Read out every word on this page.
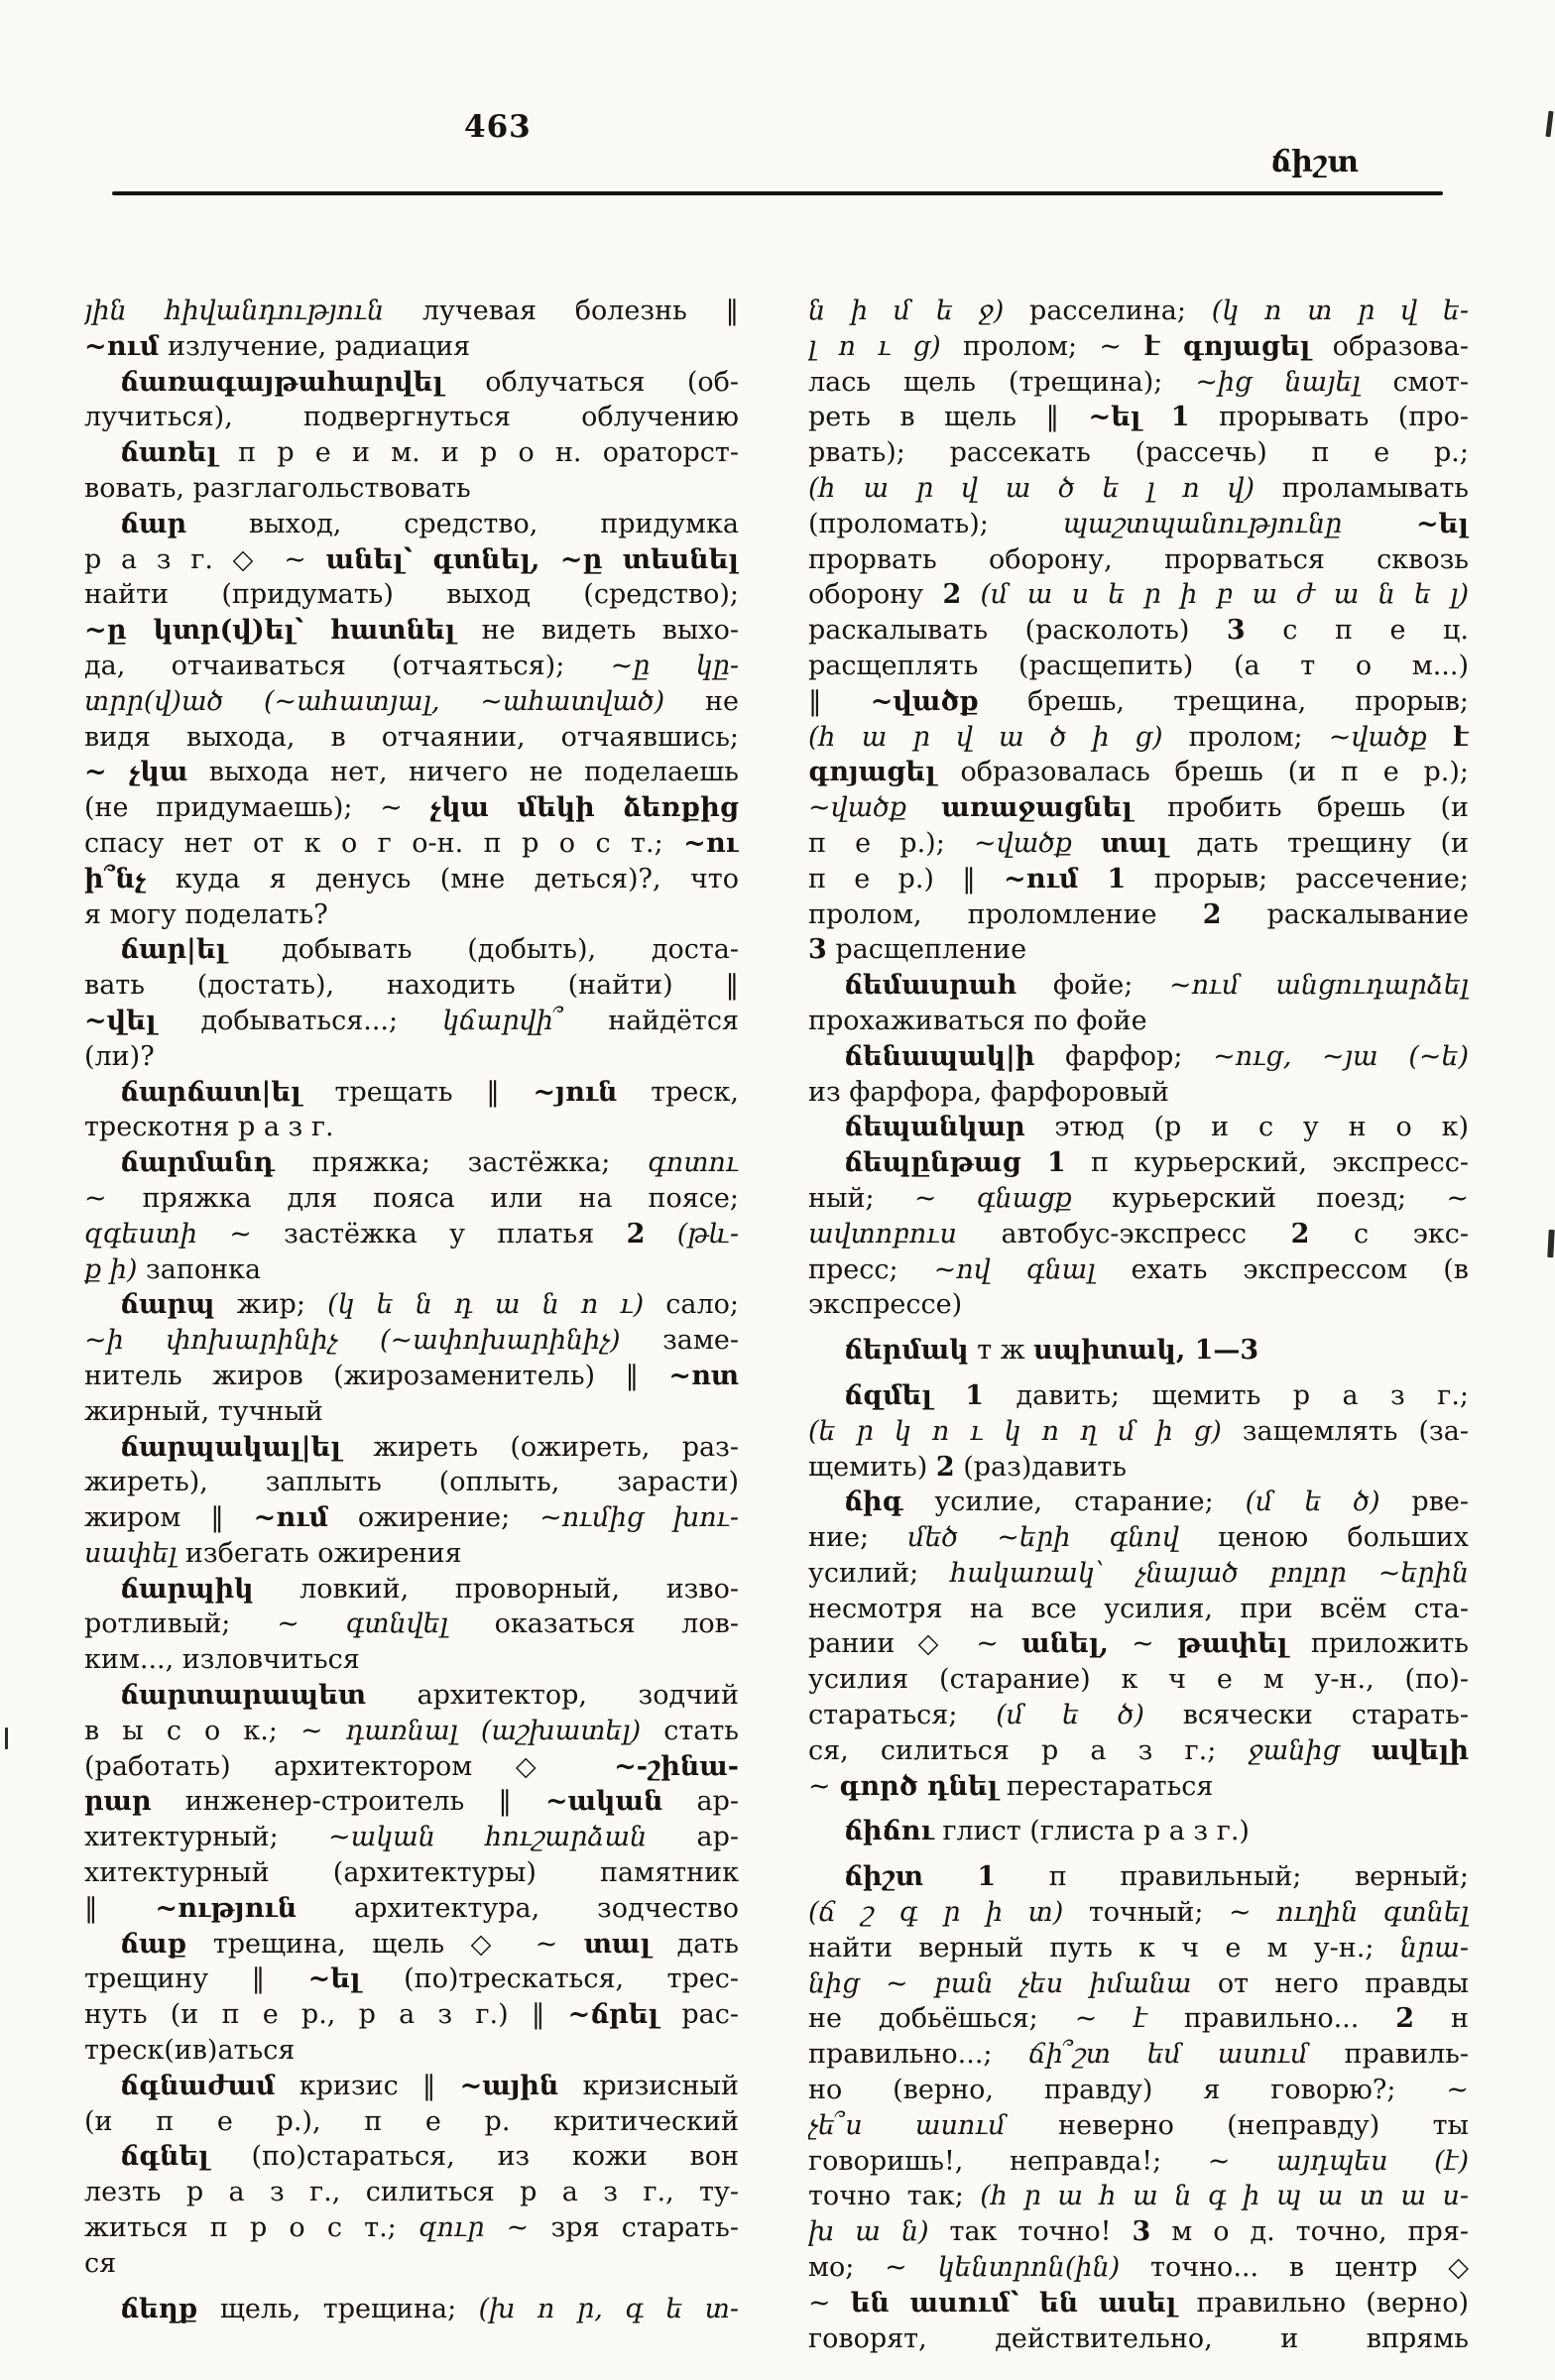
463
ճիշտ
յին հիվանդություն лучевая болезнь ‖
~ում излучение, радиация
ճառագայթահարվել облучаться (об-
лучиться), подвергнуться облучению
ճառել п р е и м. и р о н. ораторст-
вовать, разглагольствовать
ճար выход, средство, придумка
р а з г. ◇ ~ անել՝ գտնել, ~ը տեսնել
найти (придумать) выход (средство);
~ը կտր(վ)ել՝ հատնել не видеть выхо-
да, отчаиваться (отчаяться); ~ը կը-
տրր(վ)ած (~ահատյալ, ~ահատված) не
видя выхода, в отчаянии, отчаявшись;
~ չկա выхода нет, ничего не поделаешь
(не придумаешь); ~ չկա մեկի ձեռքից
спасу нет от к о г о-н. п р о с т.; ~ու
ի՞նչ куда я денусь (мне деться)?, что
я могу поделать?
ճար|ել добывать (добыть), доста-
вать (достать), находить (найти) ‖
~վել добываться...; կճարվի՞ найдётся
(ли)?
ճարճատ|ել трещать ‖ ~յուն треск,
трескотня р а з г.
ճարմանդ пряжка; застёжка; գոտու
~ пряжка для пояса или на поясе;
զգեստի ~ застёжка у платья 2 (թև-
ք ի) запонка
ճարպ жир; (կ ե ն դ ա ն ո ւ) сало;
~ի փոխարինիչ (~ափոխարինիչ) заме-
нитель жиров (жирозаменитель) ‖ ~ոտ
жирный, тучный
ճարպակալ|ել жиреть (ожиреть, раз-
жиреть), заплыть (оплыть, зарасти)
жиром ‖ ~ում ожирение; ~ումից խու-
սափել избегать ожирения
ճարպիկ ловкий, проворный, изво-
ротливый; ~ գտնվել оказаться лов-
ким..., изловчиться
ճարտարապետ архитектор, зодчий
в ы с о к.; ~ դառնալ (աշխատել) стать
(работать) архитектором ◇ ~-շինա-
րար инженер-строитель ‖ ~ական ар-
хитектурный; ~ական հուշարձան ар-
хитектурный (архитектуры) памятник
‖ ~ություն архитектура, зодчество
ճաք трещина, щель ◇ ~ տալ дать
трещину ‖ ~ել (по)трескаться, трес-
нуть (и п е р., р а з г.) ‖ ~ճրել рас-
треск(ив)аться
ճգնաժամ кризис ‖ ~ային кризисный
(и п е р.), п е р. критический
ճգնել (по)стараться, из кожи вон
лезть р а з г., силиться р а з г., ту-
житься п р о с т.; զուր ~ зря старать-
ся
ճեղք щель, трещина; (խ ո ր, գ ե տ-
ն ի մ ե ջ) расселина; (կ ո տ ր վ ե-
լ ո ւ ց) пролом; ~ է գոյացել образова-
лась щель (трещина); ~ից նայել смот-
реть в щель ‖ ~ել 1 прорывать (про-
рвать); рассекать (рассечь) п е р.;
(հ ա ր վ ա ծ ե լ ո վ) проламывать
(проломать); պաշտպանությունը	~ել
прорвать оборону, прорваться сквозь
оборону 2 (մ ա ս ե ր ի բ ա ժ ա ն ե լ)
раскалывать (расколоть) 3 с п е ц.
расщеплять (расщепить) (а т о м...)
‖ ~վածք брешь, трещина, прорыв;
(հ ա ր վ ա ծ ի ց) пролом; ~վածք է
գոյացել образовалась брешь (и п е р.);
~վածք առաջացնել пробить брешь (и
п е р.); ~վածք տալ дать трещину (и
п е р.) ‖ ~ում 1 прорыв; рассечение;
пролом, проломление 2 раскалывание
3 расщепление
ճեմասրահ фойе; ~ում անցուդարձել
прохаживаться по фойе
ճենապակ|ի фарфор; ~ուց, ~յա (~ե)
из фарфора, фарфоровый
ճեպանկար этюд (р и с у н о к)
ճեպընթաց 1 п курьерский, экспресс-
ный; ~ գնացք курьерский поезд; ~
ավտոբուս автобус-экспресс 2 с экс-
пресс; ~ով գնալ ехать экспрессом (в
экспрессе)
ճերմակ т ж սպիտակ, 1—3
ճզմել 1 давить; щемить р а з г.;
(ե ր կ ո ւ կ ո ղ մ ի ց) защемлять (за-
щемить) 2 (раз)давить
ճիգ усилие, старание; (մ ե ծ) рве-
ние; մեծ ~երի գնով ценою больших
усилий; հակառակ՝ չնայած բոլոր ~երին
несмотря на все усилия, при всём ста-
рании ◇ ~ անել, ~ թափել приложить
усилия (старание) к ч е м у-н., (по)-
стараться; (մ ե ծ) всячески старать-
ся, силиться р а з г.; ջանից ավելի
~ գործ դնել перестараться
ճիճու глист (глиста р а з г.)
ճիշտ 1 п правильный; верный;
(ճ շ գ ր ի տ) точный; ~ ուղին գտնել
найти верный путь к ч е м у-н.; նրա-
նից ~ բան չես իմանա от него правды
не добьёшься; ~ է правильно... 2 н
правильно...; ճի՞շտ եմ ասում правиль-
но (верно, правду) я говорю?; ~
չե՞ս ասում неверно (неправду) ты
говоришь!, неправда!; ~ այդպես (է)
точно так; (հ ր ա հ ա ն գ ի պ ա տ ա ս-
խ ա ն) так точно! 3 м о д. точно, пря-
мо; ~ կենտրոն(ին) точно... в центр ◇
~ են ասում՝ են ասել правильно (верно)
говорят, действительно, и впрямь
